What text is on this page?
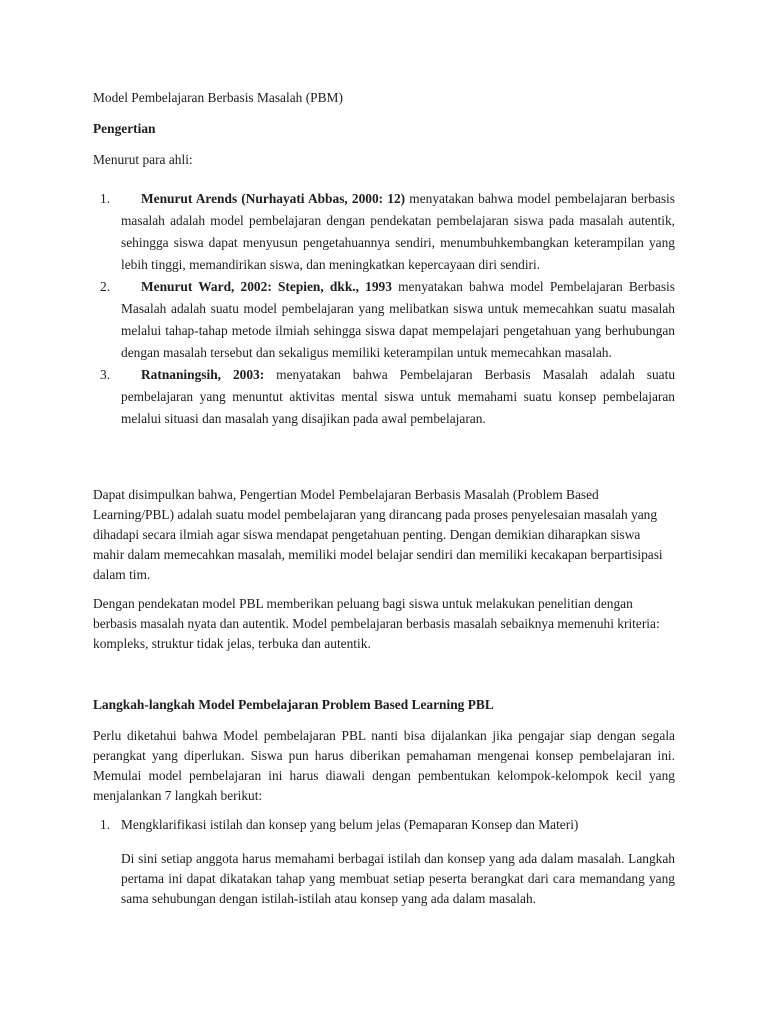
Model Pembelajaran Berbasis Masalah (PBM)
Pengertian

Menurut para ahli:

1. Menurut Arends (Nurhayati Abbas, 2000: 12) menyatakan bahwa model pembelajaran berbasis masalah adalah model pembelajaran dengan pendekatan pembelajaran siswa pada masalah autentik, sehingga siswa dapat menyusun pengetahuannya sendiri, menumbuhkembangkan keterampilan yang lebih tinggi, memandirikan siswa, dan meningkatkan kepercayaan diri sendiri.
2. Menurut Ward, 2002: Stepien, dkk., 1993 menyatakan bahwa model Pembelajaran Berbasis Masalah adalah suatu model pembelajaran yang melibatkan siswa untuk memecahkan suatu masalah melalui tahap-tahap metode ilmiah sehingga siswa dapat mempelajari pengetahuan yang berhubungan dengan masalah tersebut dan sekaligus memiliki keterampilan untuk memecahkan masalah.
3. Ratnaningsih, 2003: menyatakan bahwa Pembelajaran Berbasis Masalah adalah suatu pembelajaran yang menuntut aktivitas mental siswa untuk memahami suatu konsep pembelajaran melalui situasi dan masalah yang disajikan pada awal pembelajaran.

Dapat disimpulkan bahwa, Pengertian Model Pembelajaran Berbasis Masalah (Problem Based Learning/PBL) adalah suatu model pembelajaran yang dirancang pada proses penyelesaian masalah yang dihadapi secara ilmiah agar siswa mendapat pengetahuan penting. Dengan demikian diharapkan siswa mahir dalam memecahkan masalah, memiliki model belajar sendiri dan memiliki kecakapan berpartisipasi dalam tim.

Dengan pendekatan model PBL memberikan peluang bagi siswa untuk melakukan penelitian dengan berbasis masalah nyata dan autentik. Model pembelajaran berbasis masalah sebaiknya memenuhi kriteria: kompleks, struktur tidak jelas, terbuka dan autentik.

Langkah-langkah Model Pembelajaran Problem Based Learning PBL

Perlu diketahui bahwa Model pembelajaran PBL nanti bisa dijalankan jika pengajar siap dengan segala perangkat yang diperlukan. Siswa pun harus diberikan pemahaman mengenai konsep pembelajaran ini. Memulai model pembelajaran ini harus diawali dengan pembentukan kelompok-kelompok kecil yang menjalankan 7 langkah berikut:

1. Mengklarifikasi istilah dan konsep yang belum jelas (Pemaparan Konsep dan Materi)

Di sini setiap anggota harus memahami berbagai istilah dan konsep yang ada dalam masalah. Langkah pertama ini dapat dikatakan tahap yang membuat setiap peserta berangkat dari cara memandang yang sama sehubungan dengan istilah-istilah atau konsep yang ada dalam masalah.
